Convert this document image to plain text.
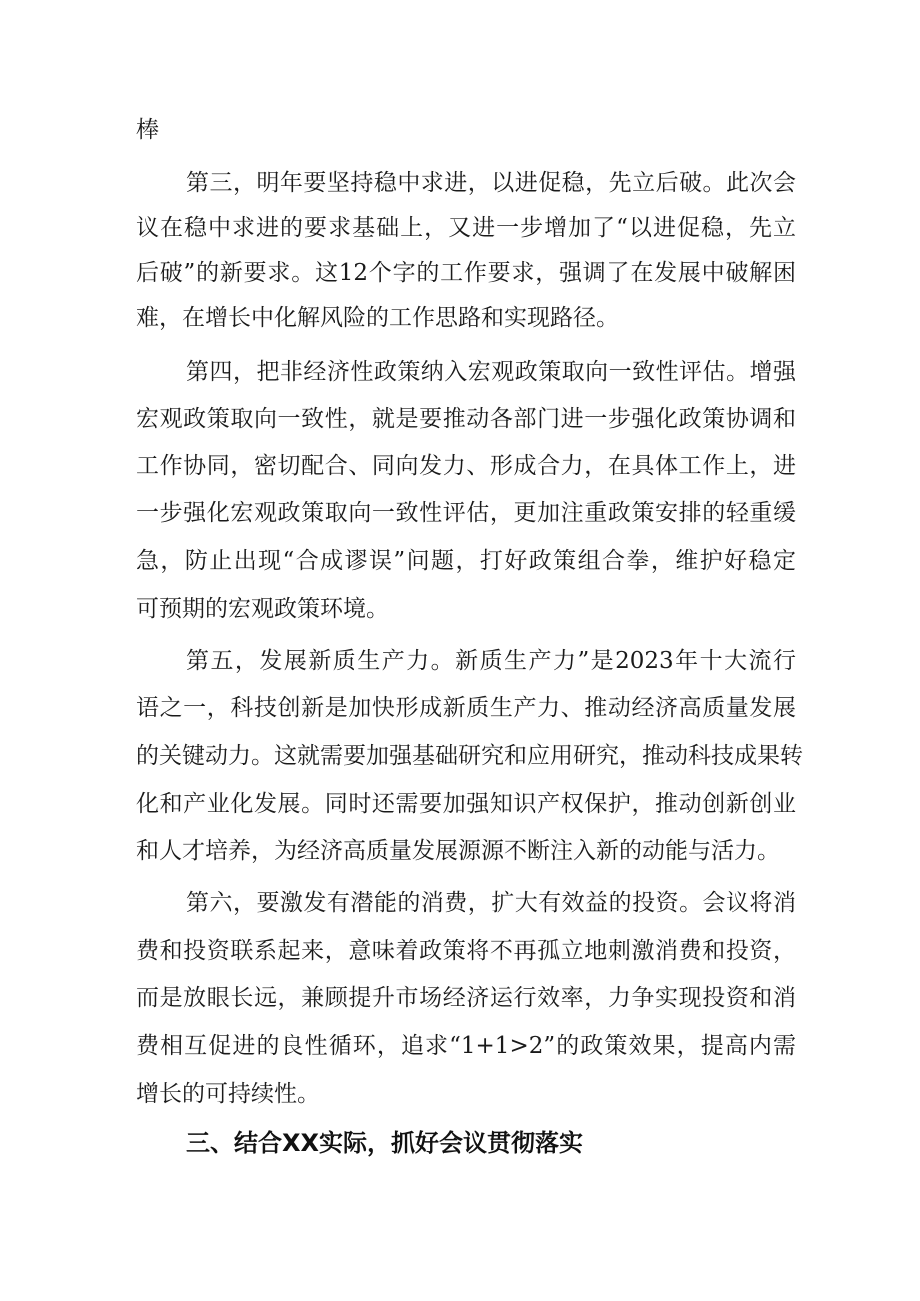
棒

第三，明年要坚持稳中求进，以进促稳，先立后破。此次会

议在稳中求进的要求基础上，又进一步增加了“以进促稳，先立

后破”的新要求。这12个字的工作要求，强调了在发展中破解困

难，在增长中化解风险的工作思路和实现路径。

第四，把非经济性政策纳入宏观政策取向一致性评估。增强

宏观政策取向一致性，就是要推动各部门进一步强化政策协调和

工作协同，密切配合、同向发力、形成合力，在具体工作上，进

一步强化宏观政策取向一致性评估，更加注重政策安排的轻重缓

急，防止出现“合成谬误”问题，打好政策组合拳，维护好稳定

可预期的宏观政策环境。

第五，发展新质生产力。新质生产力”是2023年十大流行

语之一，科技创新是加快形成新质生产力、推动经济高质量发展

的关键动力。这就需要加强基础研究和应用研究，推动科技成果转

化和产业化发展。同时还需要加强知识产权保护，推动创新创业

和人才培养，为经济高质量发展源源不断注入新的动能与活力。

第六，要激发有潜能的消费，扩大有效益的投资。会议将消

费和投资联系起来，意味着政策将不再孤立地刺激消费和投资，

而是放眼长远，兼顾提升市场经济运行效率，力争实现投资和消

费相互促进的良性循环，追求“1+1>2”的政策效果，提高内需

增长的可持续性。

三、结合XX实际，抓好会议贯彻落实
